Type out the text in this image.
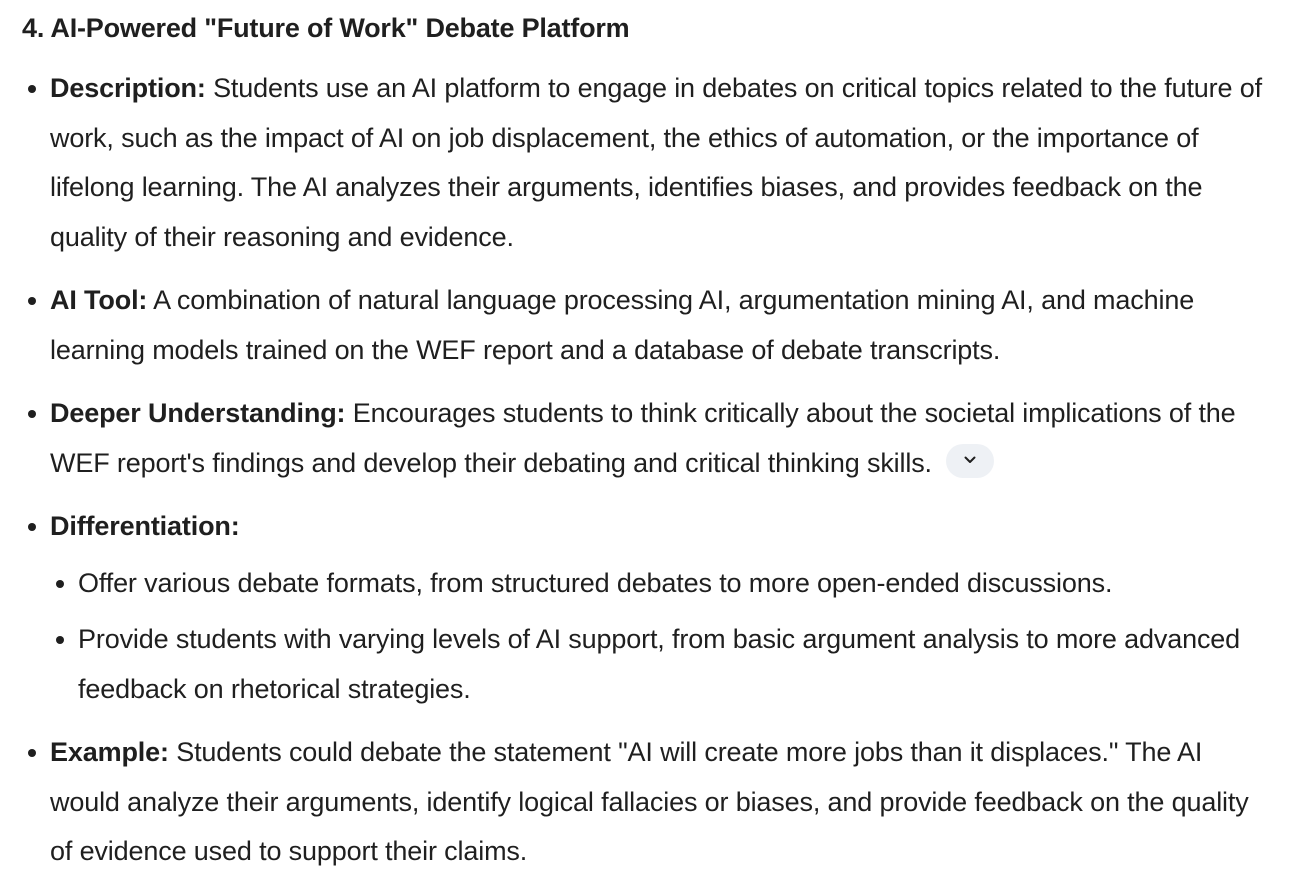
4. AI-Powered "Future of Work" Debate Platform
Description: Students use an AI platform to engage in debates on critical topics related to the future of work, such as the impact of AI on job displacement, the ethics of automation, or the importance of lifelong learning. The AI analyzes their arguments, identifies biases, and provides feedback on the quality of their reasoning and evidence.
AI Tool: A combination of natural language processing AI, argumentation mining AI, and machine learning models trained on the WEF report and a database of debate transcripts.
Deeper Understanding: Encourages students to think critically about the societal implications of the WEF report's findings and develop their debating and critical thinking skills.
Differentiation:
Offer various debate formats, from structured debates to more open-ended discussions.
Provide students with varying levels of AI support, from basic argument analysis to more advanced feedback on rhetorical strategies.
Example: Students could debate the statement "AI will create more jobs than it displaces." The AI would analyze their arguments, identify logical fallacies or biases, and provide feedback on the quality of evidence used to support their claims.
